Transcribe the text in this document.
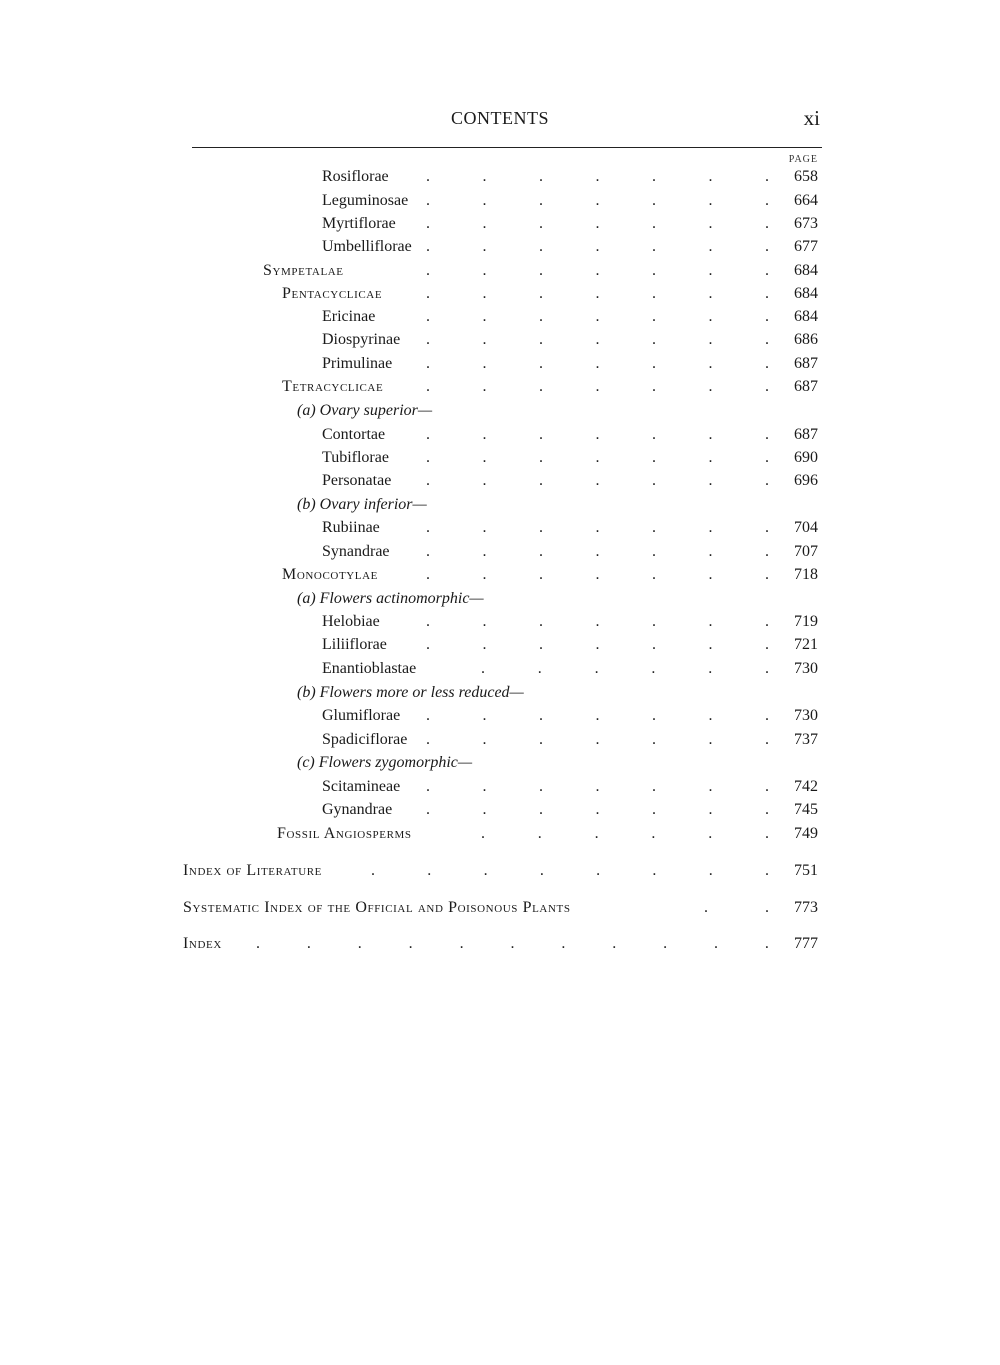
CONTENTS	xi
PAGE
Rosiflorae .	.	.	.	.	.	.	658
Leguminosae .	.	.	.	.	.	.	664
Myrtiflorae .	.	.	.	.	.	.	673
Umbelliflorae .	.	.	.	.	.	.	677
Sympetalae	.	.	.	.	.	.	.	684
Pentacyclicae	.	.	.	.	.	.	.	684
Ericinae	.	.	.	.	.	.	.	684
Diospyrinae .	.	.	.	.	.	.	686
Primulinae .	.	.	.	.	.	.	687
Tetracyclicae	.	.	.	.	.	.	.	687
(a) Ovary superior—
Contortae	.	.	.	.	.	.	.	687
Tubiflorae .	.	.	.	.	.	.	690
Personatae .	.	.	.	.	.	.	696
(b) Ovary inferior—
Rubiinae	.	.	.	.	.	.	.	704
Synandrae .	.	.	.	.	.	.	707
Monocotylae	.	.	.	.	.	.	.	718
(a) Flowers actinomorphic—
Helobiae	.	.	.	.	.	.	.	719
Liliiflorae .	.	.	.	.	.	.	721
Enantioblastae	.	.	.	.	.	.	730
(b) Flowers more or less reduced—
Glumiflorae .	.	.	.	.	.	.	730
Spadiciflorae .	.	.	.	.	.	.	737
(c) Flowers zygomorphic—
Scitamineae .	.	.	.	.	.	.	742
Gynandrae .	.	.	.	.	.	.	745
Fossil Angiosperms	.	.	.	.	.	.	749
Index of Literature	.	.	.	.	.	.	.	.	751
Systematic Index of the Official and Poisonous Plants	.	.	773
Index .	.	.	.	.	.	.	.	.	.	.	777
